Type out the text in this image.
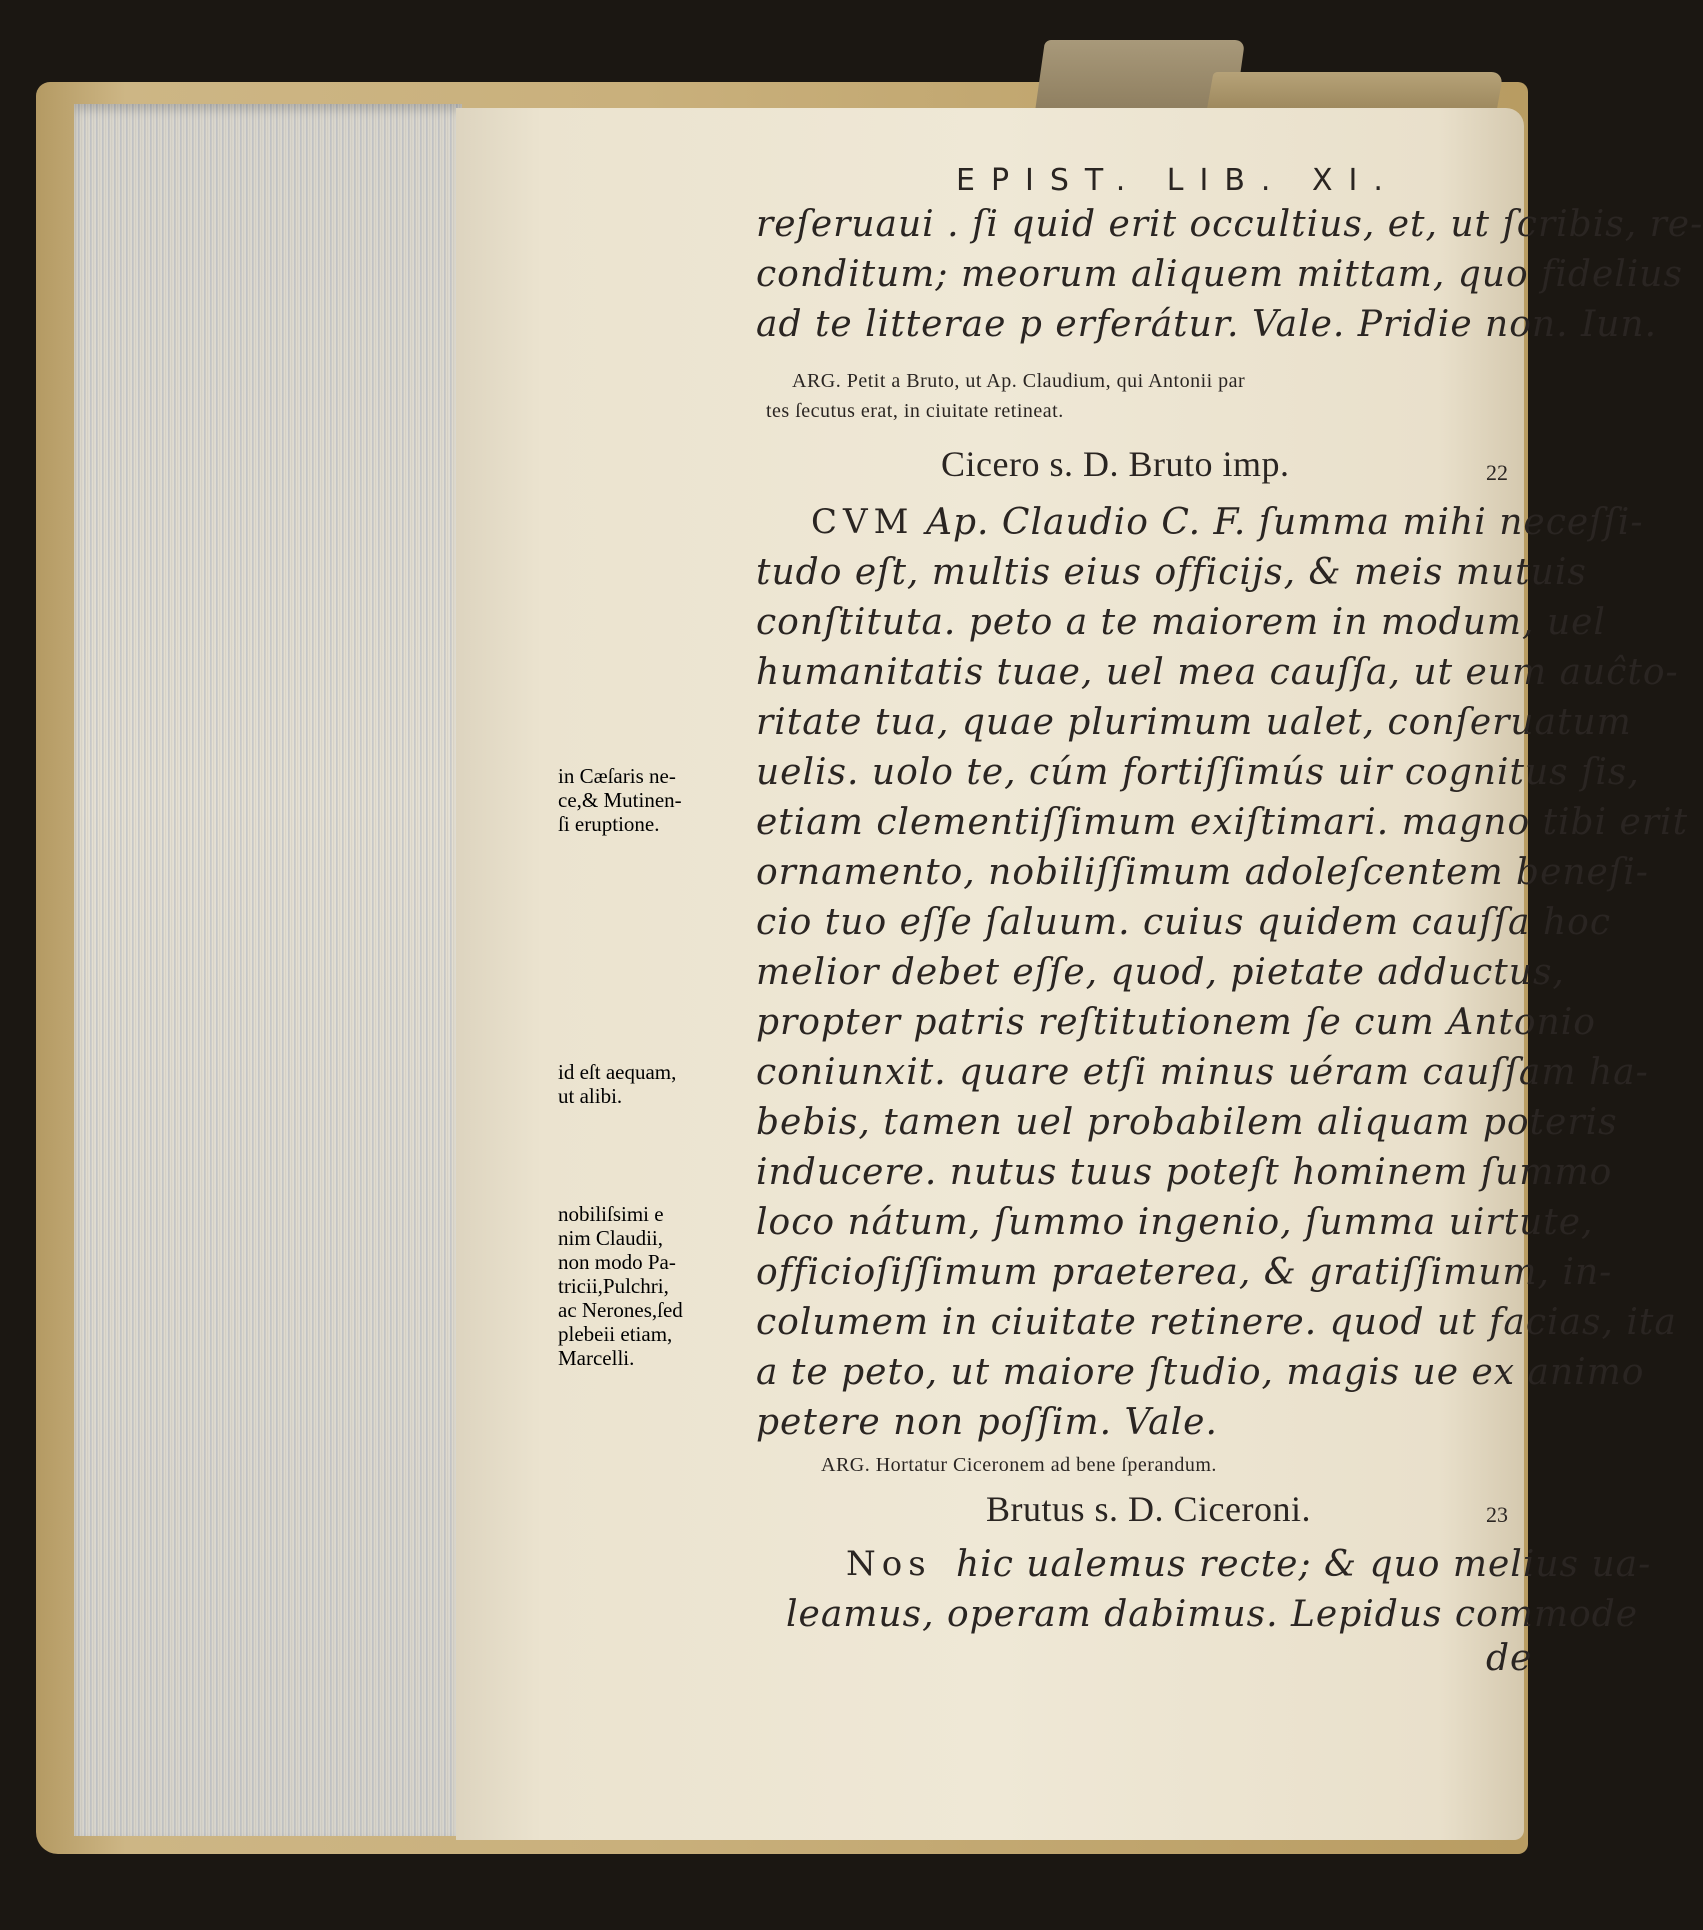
EPIST. LIB. XI.
reſeruaui . ſi quid erit occultius, et, ut ſcribis, re-
conditum; meorum aliquem mittam, quo fidelius
ad te litterae p erferátur. Vale. Pridie non. Iun.
ARG. Petit a Bruto, ut Ap. Claudium, qui Antonii par
tes ſecutus erat, in ciuitate retineat.
Cicero s. D. Bruto imp.	22
CVM Ap. Claudio C. F. ſumma mihi neceſſi-
tudo eſt, multis eius officijs, & meis mutuis
conſtituta. peto a te maiorem in modum, uel
humanitatis tuae, uel mea cauſſa, ut eum auĉto-
ritate tua, quae plurimum ualet, conſeruatum
uelis. uolo te, cúm fortiſſimús uir cognitus ſis,
etiam clementiſſimum exiſtimari. magno tibi erit
ornamento, nobiliſſimum adoleſcentem beneſi-
cio tuo eſſe ſaluum. cuius quidem cauſſa hoc
melior debet eſſe, quod, pietate adductus,
propter patris reſtitutionem ſe cum Antonio
coniunxit. quare etſi minus uéram cauſſam ha-
bebis, tamen uel probabilem aliquam poteris
inducere. nutus tuus poteſt hominem ſummo
loco nátum, ſummo ingenio, ſumma uirtute,
officioſiſſimum praeterea, & gratiſſimum, in-
columem in ciuitate retinere. quod ut facias, ita
a te peto, ut maiore ſtudio, magis ue ex animo
petere non poſſim. Vale.
ARG. Hortatur Ciceronem ad bene ſperandum.
Brutus s. D. Ciceroni.	23
Nos hic ualemus recte; & quo melius ua-
leamus, operam dabimus. Lepidus commode
de
in Cæſaris ne-
ce,& Mutinen-
ſi eruptione.
id eſt aequam,
ut alibi.
nobiliſsimi e
nim Claudii,
non modo Pa-
tricii,Pulchri,
ac Nerones,ſed
plebeii etiam,
Marcelli.
